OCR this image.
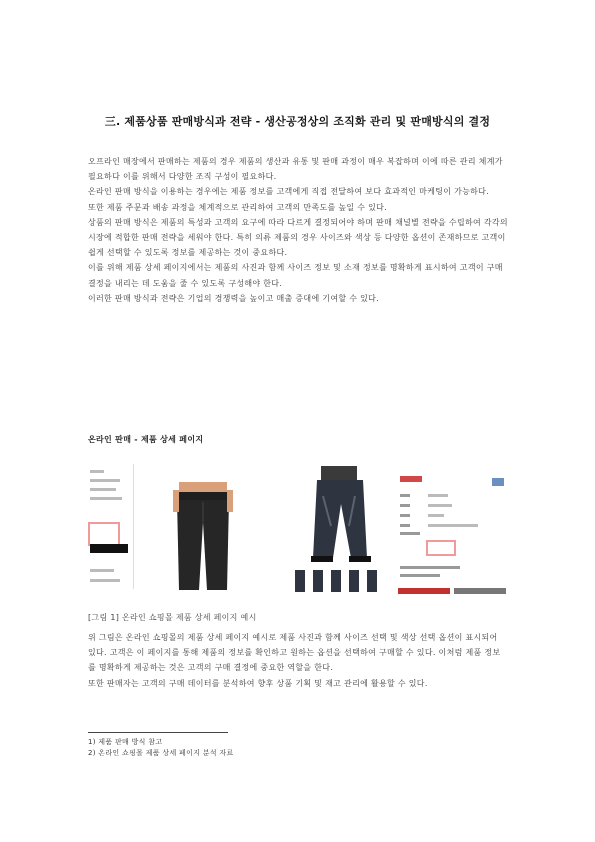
三. 제품상품 판매방식과 전략 - 생산공정상의 조직화 관리 및 판매방식의 결정

오프라인 매장에서 판매하는 제품의 경우 제품의 생산과 유통 및 판매 과정이 매우 복잡하며 이에 따른 관리 체계가 필요하다 이를 위해서 다양한 조직 구성이 필요하다.

온라인 판매 방식을 이용하는 경우에는 제품 정보를 고객에게 직접 전달하여 보다 효과적인 마케팅이 가능하다.

또한 제품 주문과 배송 과정을 체계적으로 관리하여 고객의 만족도를 높일 수 있다.

상품의 판매 방식은 제품의 특성과 고객의 요구에 따라 다르게 결정되어야 하며 판매 채널별 전략을 수립하여 각각의 시장에 적합한 판매 전략을 세워야 한다. 특히 의류 제품의 경우 사이즈와 색상 등 다양한 옵션이 존재하므로 고객이 쉽게 선택할 수 있도록 정보를 제공하는 것이 중요하다.

이를 위해 제품 상세 페이지에서는 제품의 사진과 함께 사이즈 정보 및 소재 정보를 명확하게 표시하여 고객이 구매 결정을 내리는 데 도움을 줄 수 있도록 구성해야 한다.

이러한 판매 방식과 전략은 기업의 경쟁력을 높이고 매출 증대에 기여할 수 있다.

온라인 판매 - 제품 상세 페이지
[그림 1] 온라인 쇼핑몰 제품 상세 페이지 예시

위 그림은 온라인 쇼핑몰의 제품 상세 페이지 예시로 제품 사진과 함께 사이즈 선택 및 색상 선택 옵션이 표시되어 있다. 고객은 이 페이지를 통해 제품의 정보를 확인하고 원하는 옵션을 선택하여 구매할 수 있다. 이처럼 제품 정보를 명확하게 제공하는 것은 고객의 구매 결정에 중요한 역할을 한다.

또한 판매자는 고객의 구매 데이터를 분석하여 향후 상품 기획 및 재고 관리에 활용할 수 있다.

1) 제품 판매 방식 참고
2) 온라인 쇼핑몰 제품 상세 페이지 분석 자료
